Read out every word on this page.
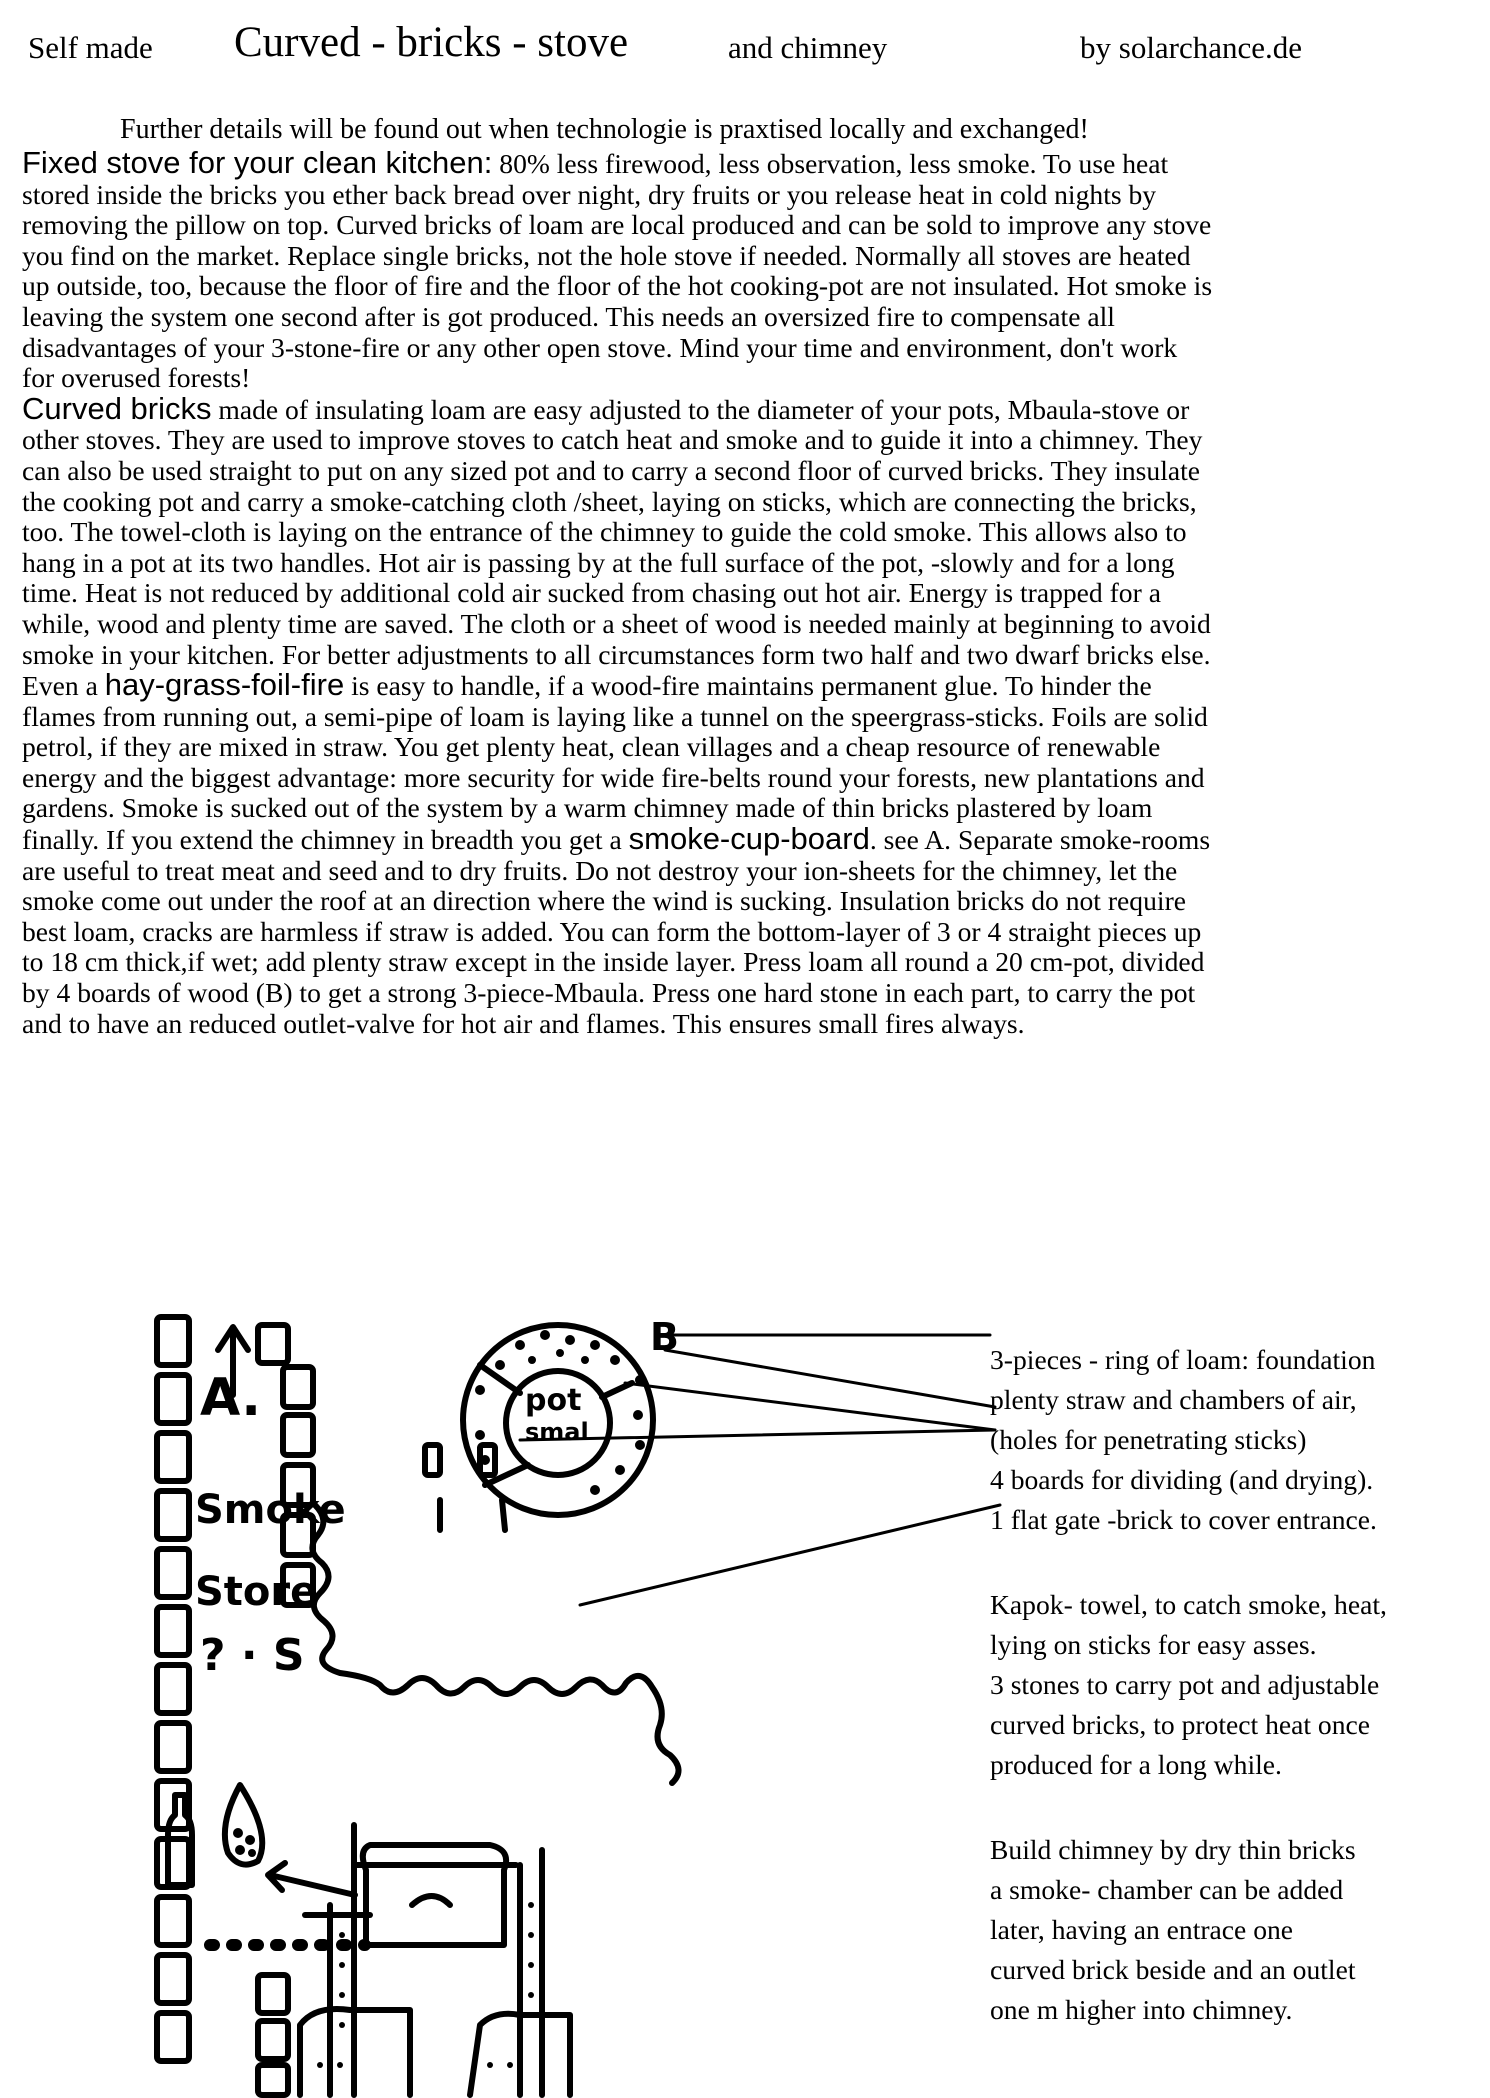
Self made Curved - bricks - stove	and chimney	by solarchance.de
Further details will be found out when technologie is praxtised locally and exchanged!
Fixed stove for your clean kitchen: 80% less firewood, less observation, less smoke. To use heat
stored inside the bricks you ether back bread over night, dry fruits or you release heat in cold nights by
removing the pillow on top. Curved bricks of loam are local produced and can be sold to improve any stove
you find on the market. Replace single bricks, not the hole stove if needed. Normally all stoves are heated
up outside, too, because the floor of fire and the floor of the hot cooking-pot are not insulated. Hot smoke is
leaving the system one second after is got produced. This needs an oversized fire to compensate all
disadvantages of your 3-stone-fire or any other open stove. Mind your time and environment, don't work
for overused forests!
Curved bricks made of insulating loam are easy adjusted to the diameter of your pots, Mbaula-stove or
other stoves. They are used to improve stoves to catch heat and smoke and to guide it into a chimney. They
can also be used straight to put on any sized pot and to carry a second floor of curved bricks. They insulate
the cooking pot and carry a smoke-catching cloth /sheet, laying on sticks, which are connecting the bricks,
too. The towel-cloth is laying on the entrance of the chimney to guide the cold smoke. This allows also to
hang in a pot at its two handles. Hot air is passing by at the full surface of the pot, -slowly and for a long
time. Heat is not reduced by additional cold air sucked from chasing out hot air. Energy is trapped for a
while, wood and plenty time are saved. The cloth or a sheet of wood is needed mainly at beginning to avoid
smoke in your kitchen. For better adjustments to all circumstances form two half and two dwarf bricks else.
Even a hay-grass-foil-fire is easy to handle, if a wood-fire maintains permanent glue. To hinder the
flames from running out, a semi-pipe of loam is laying like a tunnel on the speergrass-sticks. Foils are solid
petrol, if they are mixed in straw. You get plenty heat, clean villages and a cheap resource of renewable
energy and the biggest advantage: more security for wide fire-belts round your forests, new plantations and
gardens. Smoke is sucked out of the system by a warm chimney made of thin bricks plastered by loam
finally. If you extend the chimney in breadth you get a smoke-cup-board. see A. Separate smoke-rooms
are useful to treat meat and seed and to dry fruits. Do not destroy your ion-sheets for the chimney, let the
smoke come out under the roof at an direction where the wind is sucking. Insulation bricks do not require
best loam, cracks are harmless if straw is added. You can form the bottom-layer of 3 or 4 straight pieces up
to 18 cm thick,if wet; add plenty straw except in the inside layer. Press loam all round a 20 cm-pot, divided
by 4 boards of wood (B) to get a strong 3-piece-Mbaula. Press one hard stone in each part, to carry the pot
and to have an reduced outlet-valve for hot air and flames. This ensures small fires always.
A.
Smoke
Store
? · S
B
pot
smal
3-pieces - ring of loam: foundation
plenty straw and chambers of air,
(holes for penetrating sticks)
4 boards for dividing (and drying).
1 flat gate -brick to cover entrance.
Kapok- towel, to catch smoke, heat,
lying on sticks for easy asses.
3 stones to carry pot and adjustable
curved bricks, to protect heat once
produced for a long while.
Build chimney by dry thin bricks
a smoke- chamber can be added
later, having an entrace one
curved brick beside and an outlet
one m higher into chimney.
